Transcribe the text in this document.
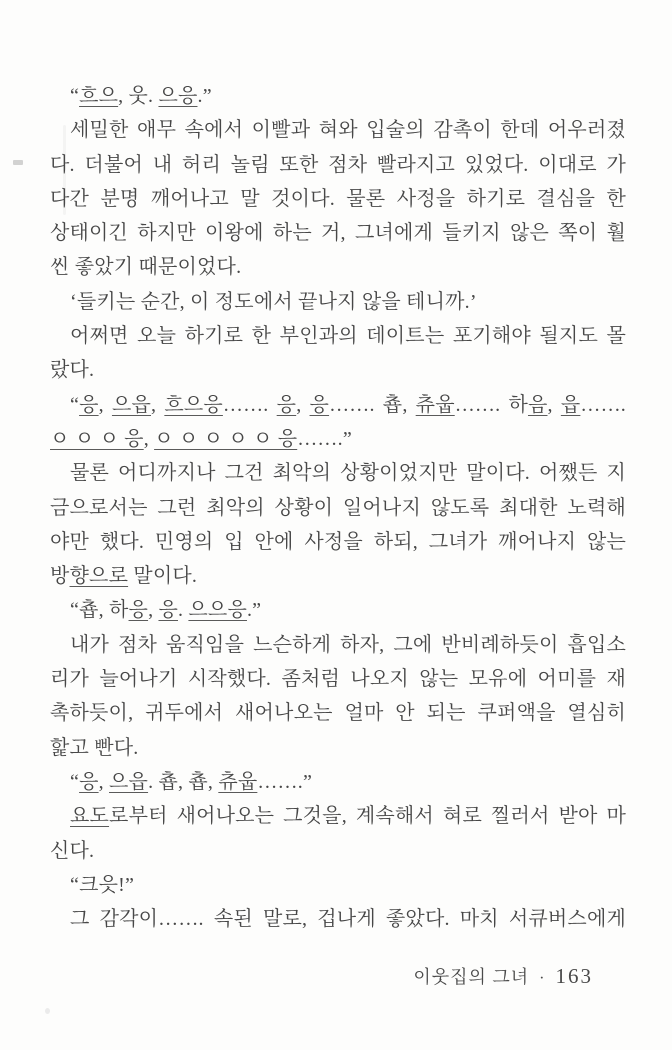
“흐으, 웃. 으응.”
세밀한 애무 속에서 이빨과 혀와 입술의 감촉이 한데 어우러졌
다. 더불어 내 허리 놀림 또한 점차 빨라지고 있었다. 이대로 가
다간 분명 깨어나고 말 것이다. 물론 사정을 하기로 결심을 한
상태이긴 하지만 이왕에 하는 거, 그녀에게 들키지 않은 쪽이 훨
씬 좋았기 때문이었다.
‘들키는 순간, 이 정도에서 끝나지 않을 테니까.’
어쩌면 오늘 하기로 한 부인과의 데이트는 포기해야 될지도 몰
랐다.
“응, 으읍, 흐으응……. 응, 응……. 춉, 츄웁……. 하음, 읍…….
ㅇ ㅇ ㅇ 응, ㅇ ㅇ ㅇ ㅇ ㅇ 응…….”
물론 어디까지나 그건 최악의 상황이었지만 말이다. 어쨌든 지
금으로서는 그런 최악의 상황이 일어나지 않도록 최대한 노력해
야만 했다. 민영의 입 안에 사정을 하되, 그녀가 깨어나지 않는
방향으로 말이다.
“춉, 하응, 응. 으으응.”
내가 점차 움직임을 느슨하게 하자, 그에 반비례하듯이 흡입소
리가 늘어나기 시작했다. 좀처럼 나오지 않는 모유에 어미를 재
촉하듯이, 귀두에서 새어나오는 얼마 안 되는 쿠퍼액을 열심히
핥고 빤다.
“응, 으읍. 춉, 춉, 츄웁…….”
요도로부터 새어나오는 그것을, 계속해서 혀로 찔러서 받아 마
신다.
“크읏!”
그 감각이……. 속된 말로, 겁나게 좋았다. 마치 서큐버스에게
이웃집의 그녀 · 163
